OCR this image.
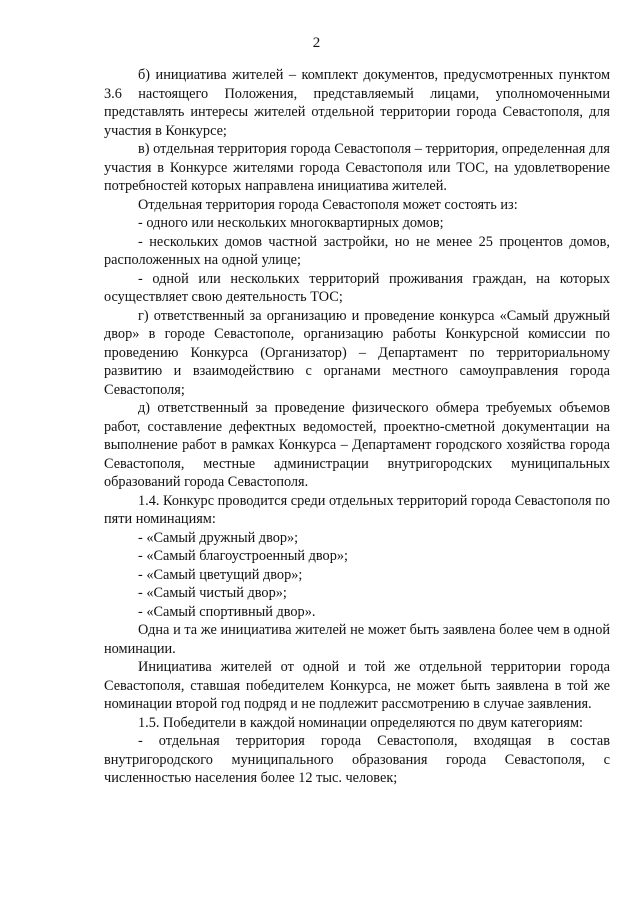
2

б) инициатива жителей – комплект документов, предусмотренных пунктом 3.6 настоящего Положения, представляемый лицами, уполномоченными представлять интересы жителей отдельной территории города Севастополя, для участия в Конкурсе;

в) отдельная территория города Севастополя – территория, определенная для участия в Конкурсе жителями города Севастополя или ТОС, на удовлетворение потребностей которых направлена инициатива жителей.

Отдельная территория города Севастополя может состоять из:

- одного или нескольких многоквартирных домов;

- нескольких домов частной застройки, но не менее 25 процентов домов, расположенных на одной улице;

- одной или нескольких территорий проживания граждан, на которых осуществляет свою деятельность ТОС;

г) ответственный за организацию и проведение конкурса «Самый дружный двор» в городе Севастополе, организацию работы Конкурсной комиссии по проведению Конкурса (Организатор) – Департамент по территориальному развитию и взаимодействию с органами местного самоуправления города Севастополя;

д) ответственный за проведение физического обмера требуемых объемов работ, составление дефектных ведомостей, проектно-сметной документации на выполнение работ в рамках Конкурса – Департамент городского хозяйства города Севастополя, местные администрации внутригородских муниципальных образований города Севастополя.

1.4. Конкурс проводится среди отдельных территорий города Севастополя по пяти номинациям:

- «Самый дружный двор»;

- «Самый благоустроенный двор»;

- «Самый цветущий двор»;

- «Самый чистый двор»;

- «Самый спортивный двор».

Одна и та же инициатива жителей не может быть заявлена более чем в одной номинации.

Инициатива жителей от одной и той же отдельной территории города Севастополя, ставшая победителем Конкурса, не может быть заявлена в той же номинации второй год подряд и не подлежит рассмотрению в случае заявления.

1.5. Победители в каждой номинации определяются по двум категориям:

- отдельная территория города Севастополя, входящая в состав внутригородского муниципального образования города Севастополя, с численностью населения более 12 тыс. человек;
